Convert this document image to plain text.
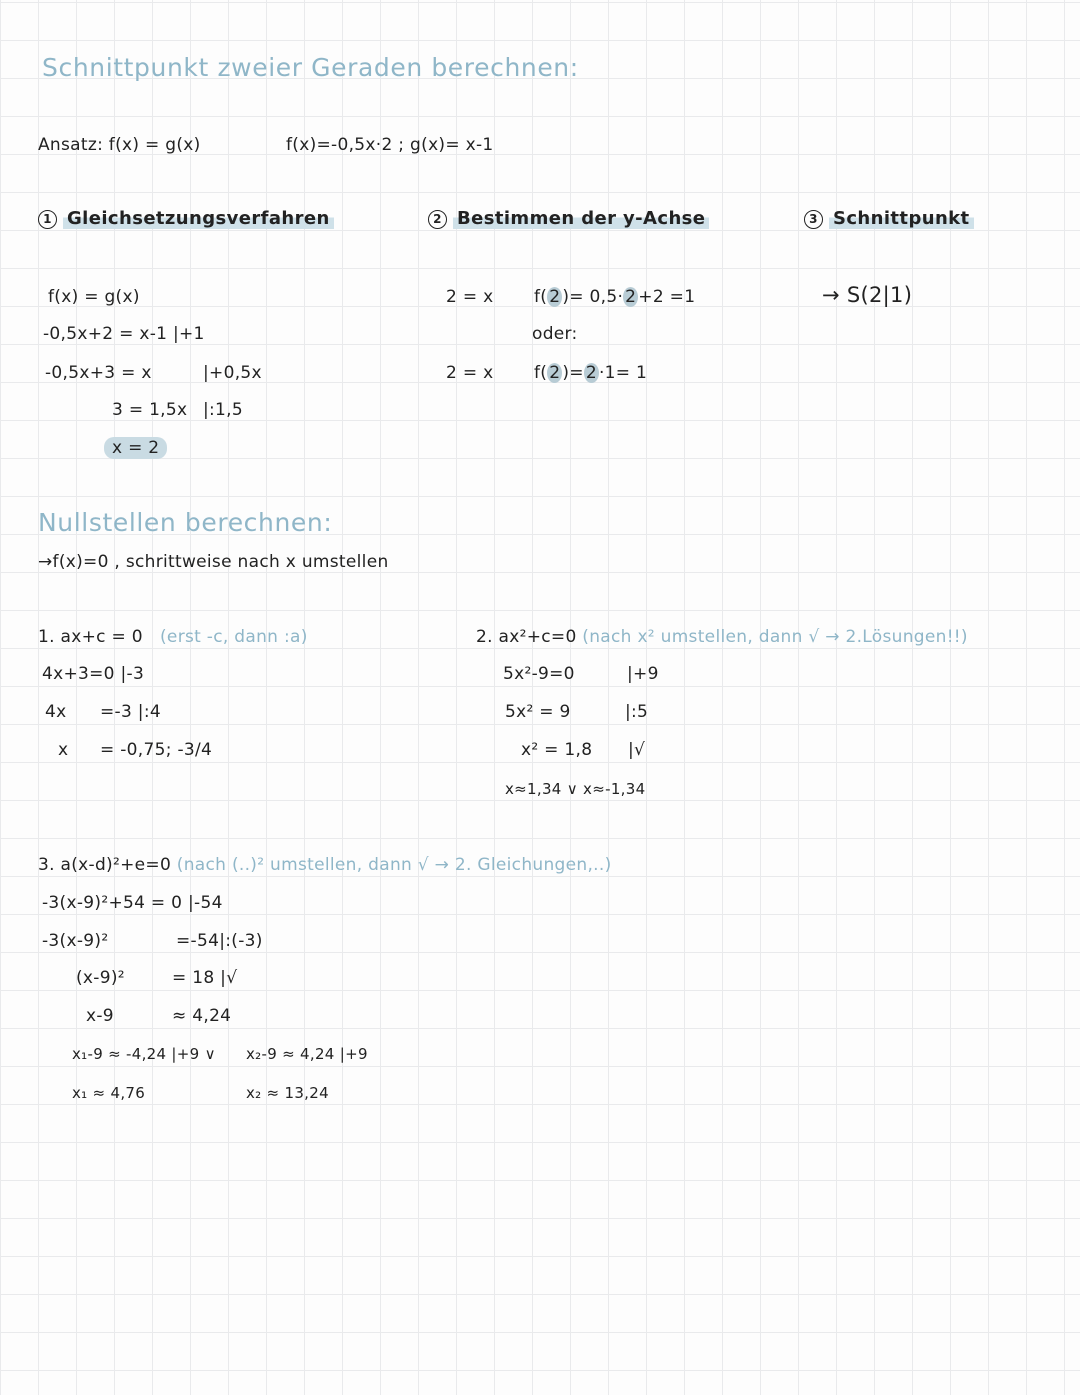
Schnittpunkt zweier Geraden berechnen:
Ansatz: f(x) = g(x)	f(x)=-0,5x·2 ; g(x)= x-1
1 Gleichsetzungsverfahren
f(x) = g(x)
-0,5x+2 = x-1 |+1
-0,5x+3 = x	|+0,5x
3 = 1,5x |:1,5
x = 2
2 Bestimmen der y-Achse
2 = x f( 2 )= 0,5· 2 +2 =1
oder:
2 = x f( 2 )= 2 ·1= 1
3 Schnittpunkt
→ S(2|1)
Nullstellen berechnen:
→f(x)=0 , schrittweise nach x umstellen
1. ax+c = 0 (erst -c, dann :a)
4x+3=0 |-3
4x =-3 |:4
x = -0,75; -3/4
2. ax²+c=0 (nach x² umstellen, dann √ → 2.Lösungen!!)
5x²-9=0	|+9
5x² = 9	|:5
x² = 1,8 |√
x≈1,34 ∨ x≈-1,34
3. a(x-d)²+e=0 (nach (..)² umstellen, dann √ → 2. Gleichungen,..)
-3(x-9)²+54 = 0 |-54
-3(x-9)²	=-54|:(-3)
(x-9)²	= 18 |√
x-9	≈ 4,24
x₁-9 ≈ -4,24 |+9 ∨ x₂-9 ≈ 4,24 |+9
x₁ ≈ 4,76	x₂ ≈ 13,24
